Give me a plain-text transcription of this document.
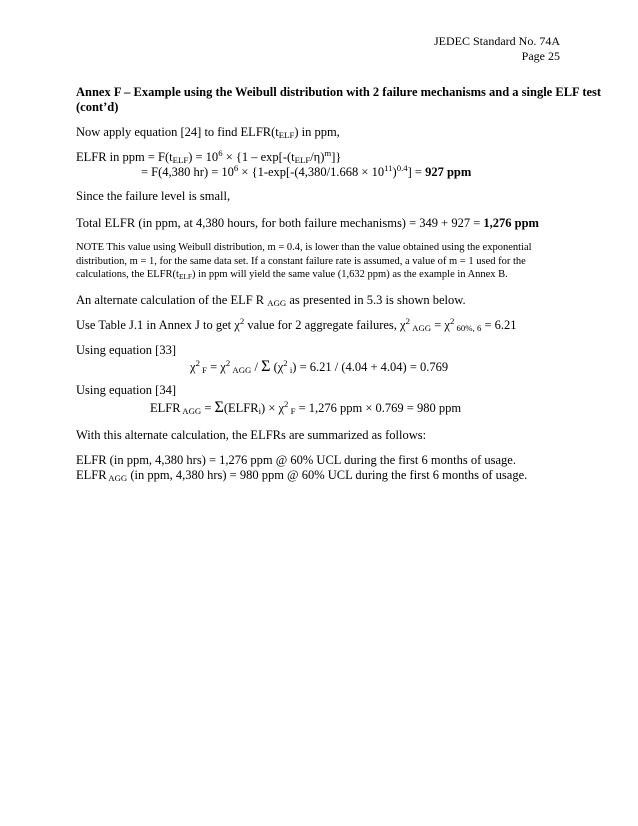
JEDEC Standard No. 74A
Page 25
Annex F – Example using the Weibull distribution with 2 failure mechanisms and a single ELF test
(cont’d)
Now apply equation [24] to find $ELFR(t_{ELF})$ in ppm,
ELFR in ppm = $F(t_{ELF}) = 10^6 \times \{1 - \exp[-(t_{ELF}/\eta)^m]\}$
= F(4,380 $hr) = 10^6 \times \{1-\exp[-(4,380/1.668 \times 10^{11})^{0.4}] = 927$ ppm
Since the failure level is small,
Total ELFR (in ppm, at 4,380 hours, for both failure mechanisms) = 349 + 927 = 1,276 ppm
NOTE This value using Weibull distribution, m = 0.4, is lower than the value obtained using the exponential
distribution, m = 1, for the same data set. If a constant failure rate is assumed, a value of m = 1 used for the
calculations, the $ELFR(t_{ELF})$ in ppm will yield the same value (1,632 ppm) as the example in Annex B.
An alternate calculation of the ELF R $_{AGG}$ as presented in 5.3 is shown below.
Use Table J.1 in Annex J to get $\chi^2$ value for 2 aggregate failures, $\chi^2$ $_{AGG} = \chi^2$ $_{60\%, 6}$ = 6.21
Using equation [33]
$\chi^2$ $_F = \chi^2$ $_{AGG}$ / Σ ($\chi^2$ $_i$) = 6.21 / (4.04 + 4.04) = 0.769
Using equation [34]
ELFR $_{AGG} = \Sigma(ELFR_i) \times \chi^2$ $_F$ = 1,276 ppm × 0.769 = 980 ppm
With this alternate calculation, the ELFRs are summarized as follows:
ELFR (in ppm, 4,380 hrs) = 1,276 ppm @ 60% UCL during the first 6 months of usage.
ELFR $_{AGG}$ (in ppm, 4,380 hrs) = 980 ppm @ 60% UCL during the first 6 months of usage.
